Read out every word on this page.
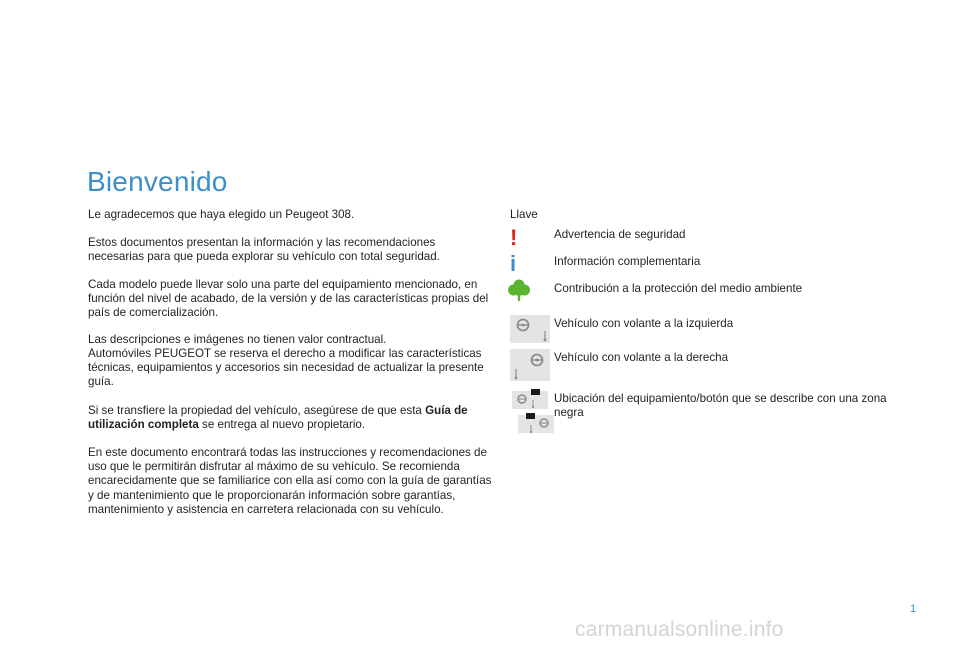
Bienvenido

Le agradecemos que haya elegido un Peugeot 308.

Estos documentos presentan la información y las recomendaciones necesarias para que pueda explorar su vehículo con total seguridad.

Cada modelo puede llevar solo una parte del equipamiento mencionado, en función del nivel de acabado, de la versión y de las características propias del país de comercialización.

Las descripciones e imágenes no tienen valor contractual.

Automóviles PEUGEOT se reserva el derecho a modificar las características técnicas, equipamientos y accesorios sin necesidad de actualizar la presente guía.

Si se transfiere la propiedad del vehículo, asegúrese de que esta Guía de utilización completa se entrega al nuevo propietario.

En este documento encontrará todas las instrucciones y recomendaciones de uso que le permitirán disfrutar al máximo de su vehículo. Se recomienda encarecidamente que se familiarice con ella así como con la guía de garantías y de mantenimiento que le proporcionarán información sobre garantías, mantenimiento y asistencia en carretera relacionada con su vehículo.

Llave
!	Advertencia de seguridad
i	Información complementaria
Contribución a la protección del medio ambiente
Vehículo con volante a la izquierda
Vehículo con volante a la derecha
Ubicación del equipamiento/botón que se describe con una zona negra
1
carmanualsonline.info
